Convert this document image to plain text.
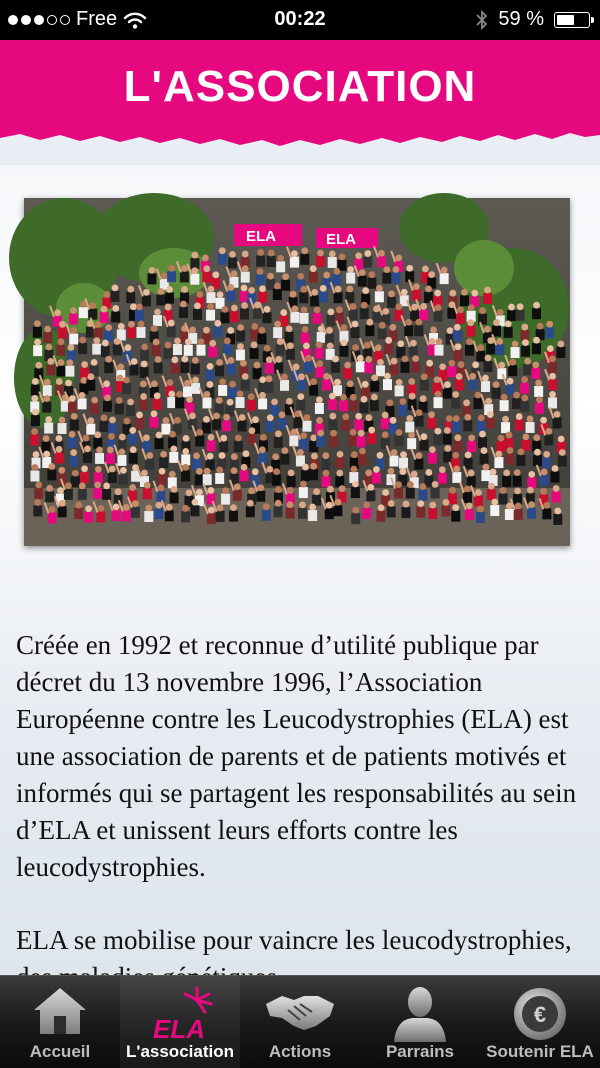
Free	00:22	59 %
L'ASSOCIATION
ELA	ELA

Créée en 1992 et reconnue d’utilité publique par décret du 13 novembre 1996, l’Association Européenne contre les Leucodystrophies (ELA) est une association de parents et de patients motivés et informés qui se partagent les responsabilités au sein d’ELA et unissent leurs efforts contre les leucodystrophies.

ELA se mobilise pour vaincre les leucodystrophies,

Accueil
ELA
L'association	Actions	Parrains
€
Soutenir ELA
